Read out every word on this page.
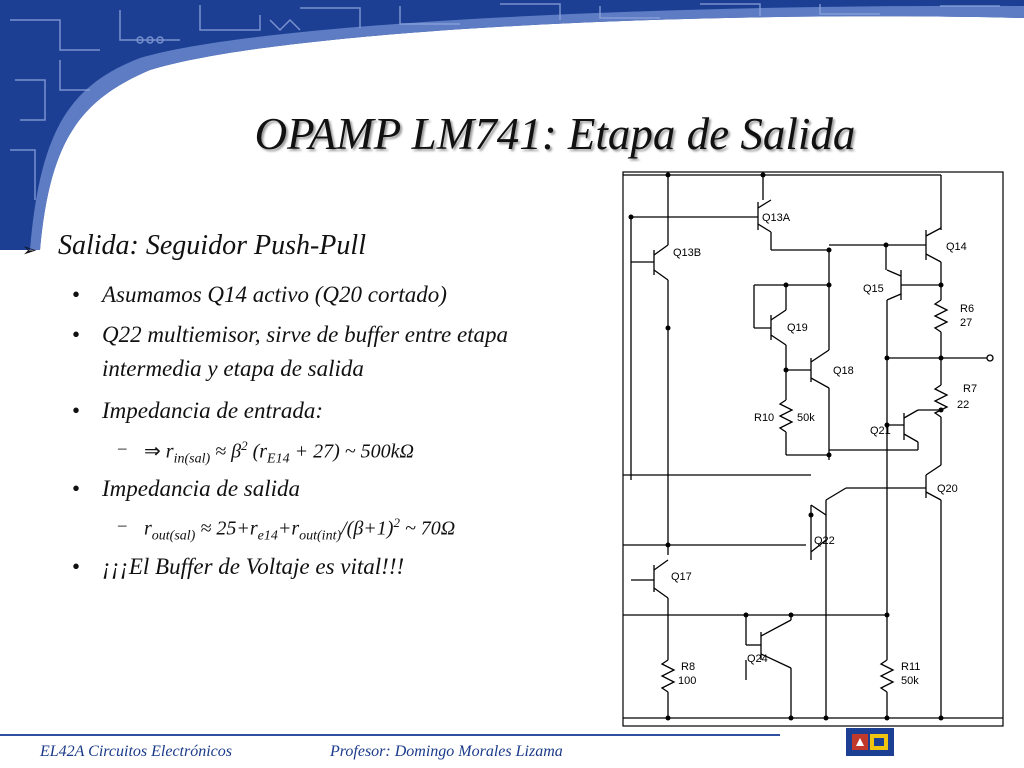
OPAMP LM741: Etapa de Salida
➢ Salida: Seguidor Push-Pull
• Asumamos Q14 activo (Q20 cortado)
• Q22 multiemisor, sirve de buffer entre etapa intermedia y etapa de salida
• Impedancia de entrada:
– ⇒ $r_{in(sal)} \approx \beta^2$ $(r_{E14} + 27)$ ~ 500kΩ
• Impedancia de salida
– $r_{out(sal)} \approx 25+r_{e14}+r_{out(int)}/(\beta+1)^2$ ~ 70Ω
• ¡¡¡El Buffer de Voltaje es vital!!!
Q13A
Q13B	Q14
Q15
R6
27
Q19
Q18
R7
22
R10 50k
Q21
Q20
Q22
Q17
Q24
R8
100
R11
50k
EL42A Circuitos Electrónicos	Profesor: Domingo Morales Lizama
